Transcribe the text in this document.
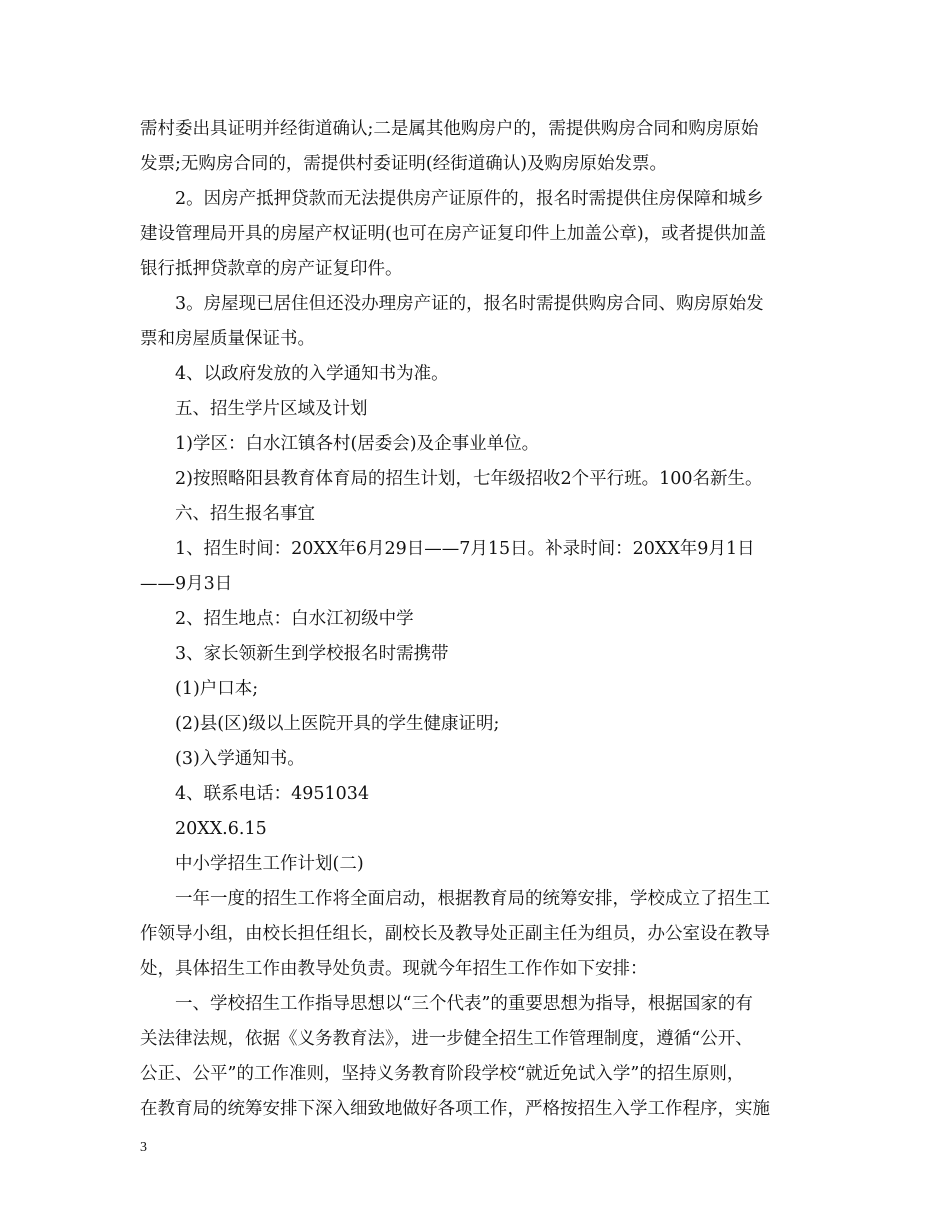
需村委出具证明并经街道确认;二是属其他购房户的，需提供购房合同和购房原始
发票;无购房合同的，需提供村委证明(经街道确认)及购房原始发票。
2。因房产抵押贷款而无法提供房产证原件的，报名时需提供住房保障和城乡
建设管理局开具的房屋产权证明(也可在房产证复印件上加盖公章)，或者提供加盖
银行抵押贷款章的房产证复印件。
3。房屋现已居住但还没办理房产证的，报名时需提供购房合同、购房原始发
票和房屋质量保证书。
4、以政府发放的入学通知书为准。
五、招生学片区域及计划
1)学区：白水江镇各村(居委会)及企事业单位。
2)按照略阳县教育体育局的招生计划，七年级招收2个平行班。100名新生。
六、招生报名事宜
1、招生时间：20XX年6月29日——7月15日。补录时间：20XX年9月1日
——9月3日
2、招生地点：白水江初级中学
3、家长领新生到学校报名时需携带
(1)户口本;
(2)县(区)级以上医院开具的学生健康证明;
(3)入学通知书。
4、联系电话：4951034
20XX.6.15
中小学招生工作计划(二)
一年一度的招生工作将全面启动，根据教育局的统筹安排，学校成立了招生工
作领导小组，由校长担任组长，副校长及教导处正副主任为组员，办公室设在教导
处，具体招生工作由教导处负责。现就今年招生工作作如下安排：
一、学校招生工作指导思想以“三个代表”的重要思想为指导，根据国家的有
关法律法规，依据《义务教育法》，进一步健全招生工作管理制度，遵循“公开、
公正、公平”的工作准则，坚持义务教育阶段学校“就近免试入学”的招生原则，
在教育局的统筹安排下深入细致地做好各项工作，严格按招生入学工作程序，实施
3
